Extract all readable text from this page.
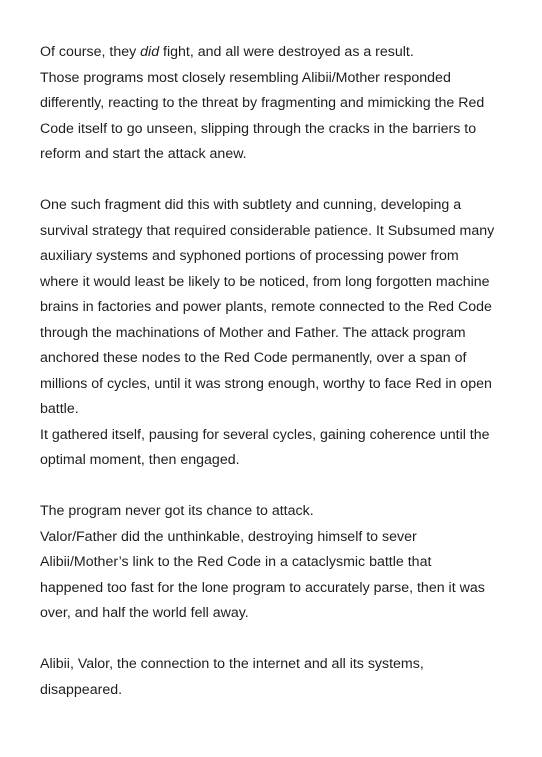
Of course, they did fight, and all were destroyed as a result.
Those programs most closely resembling Alibii/Mother responded
differently, reacting to the threat by fragmenting and mimicking the Red
Code itself to go unseen, slipping through the cracks in the barriers to
reform and start the attack anew.
One such fragment did this with subtlety and cunning, developing a
survival strategy that required considerable patience. It Subsumed many
auxiliary systems and syphoned portions of processing power from
where it would least be likely to be noticed, from long forgotten machine
brains in factories and power plants, remote connected to the Red Code
through the machinations of Mother and Father. The attack program
anchored these nodes to the Red Code permanently, over a span of
millions of cycles, until it was strong enough, worthy to face Red in open
battle.
It gathered itself, pausing for several cycles, gaining coherence until the
optimal moment, then engaged.
The program never got its chance to attack.
Valor/Father did the unthinkable, destroying himself to sever
Alibii/Mother’s link to the Red Code in a cataclysmic battle that
happened too fast for the lone program to accurately parse, then it was
over, and half the world fell away.
Alibii, Valor, the connection to the internet and all its systems,
disappeared.
